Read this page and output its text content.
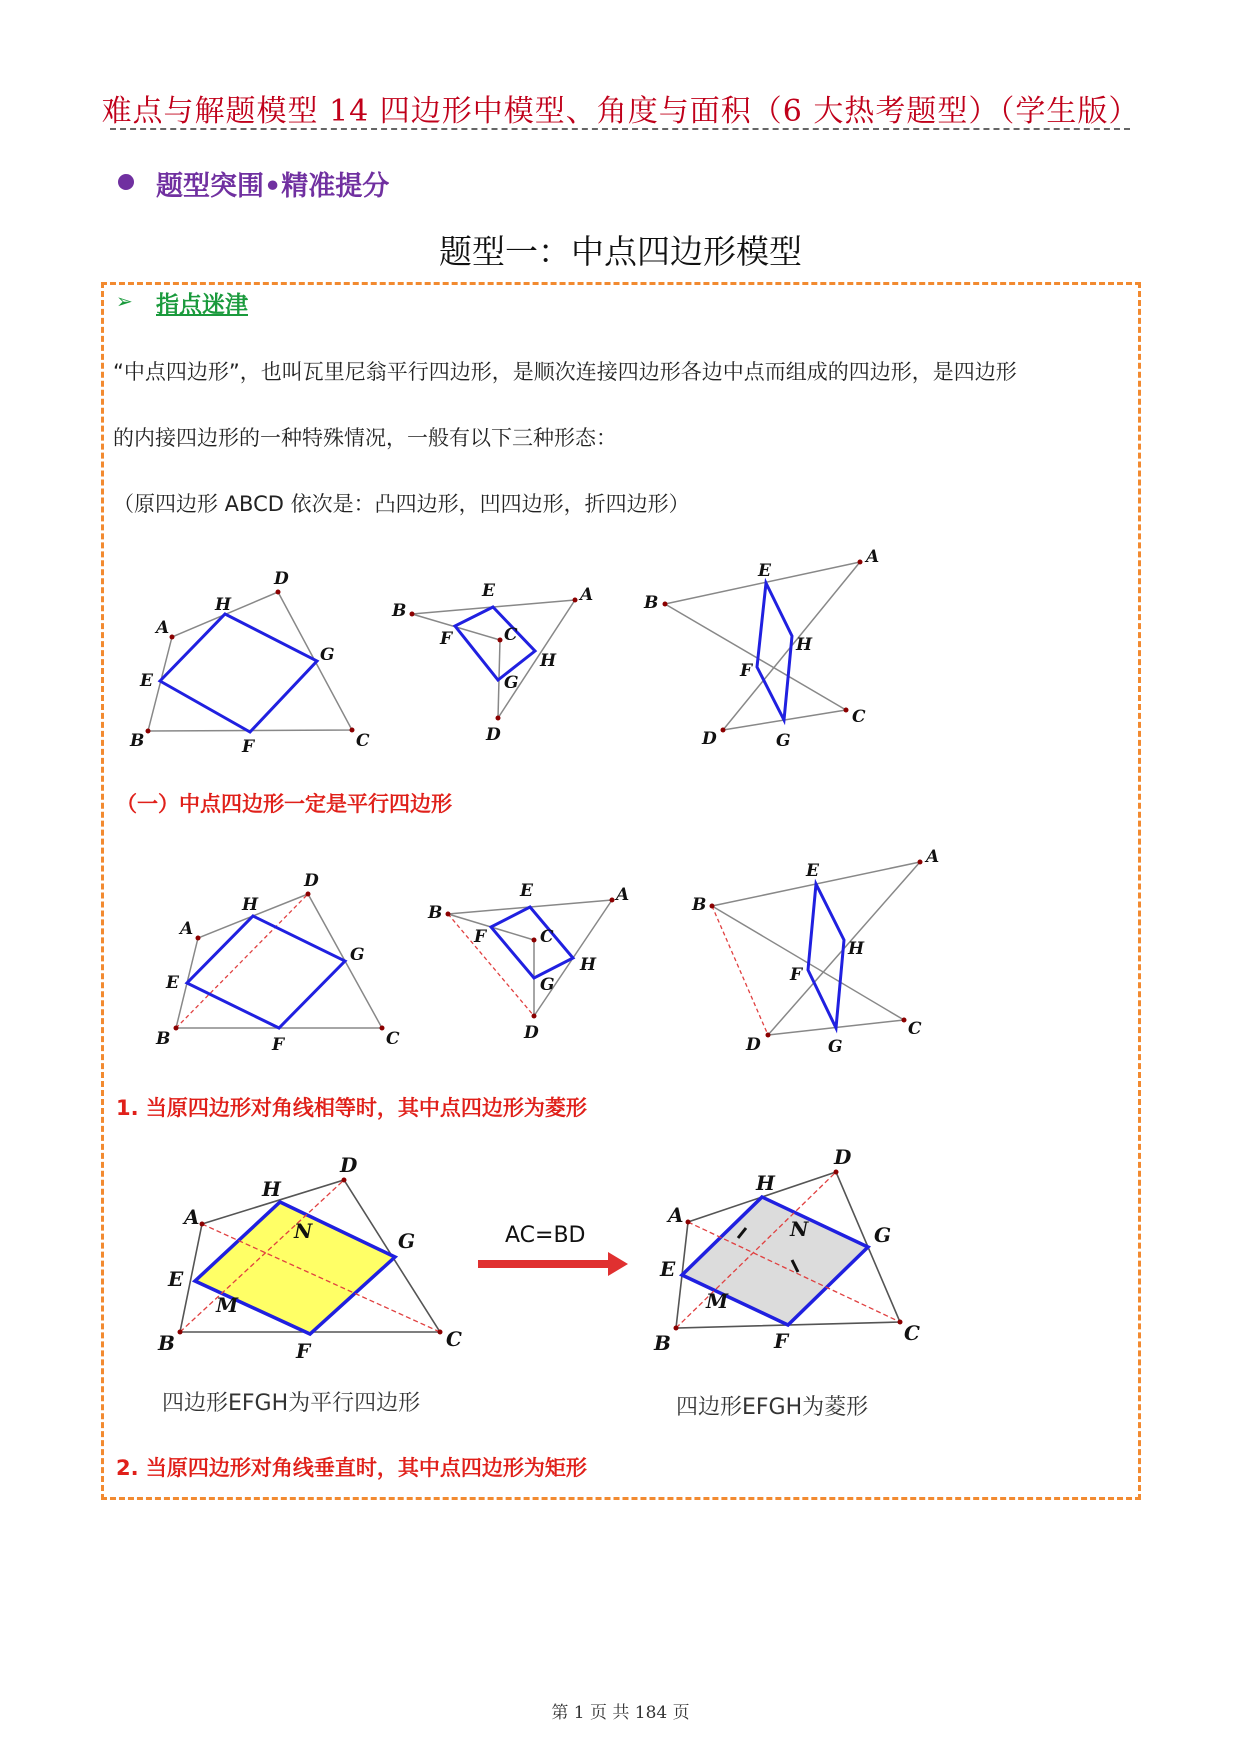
难点与解题模型 14 四边形中模型、角度与面积（6 大热考题型）（学生版）
题型突围•精准提分
题型一：中点四边形模型
➢ 指点迷津
“中点四边形”，也叫瓦里尼翁平行四边形，是顺次连接四边形各边中点而组成的四边形，是四边形
的内接四边形的一种特殊情况，一般有以下三种形态：
（原四边形 ABCD 依次是：凸四边形，凹四边形，折四边形）
A
B	C
D
E
F
G
H	B
A
C
D
E
F
G
H
B
A
D
C
E
F
G
H
（一）中点四边形一定是平行四边形
A
B	C
D
E
F
G
H	B
A
C
D
E
F
G
H
B
A
D
C
E
F
G
H
1. 当原四边形对角线相等时，其中点四边形为菱形
A
B	C
D
E
F
G
H
M
N	AC=BD
A
B	C
D
E
F
G
H
M
N
四边形EFGH为平行四边形	四边形EFGH为菱形
2. 当原四边形对角线垂直时，其中点四边形为矩形
第 1 页 共 184 页
